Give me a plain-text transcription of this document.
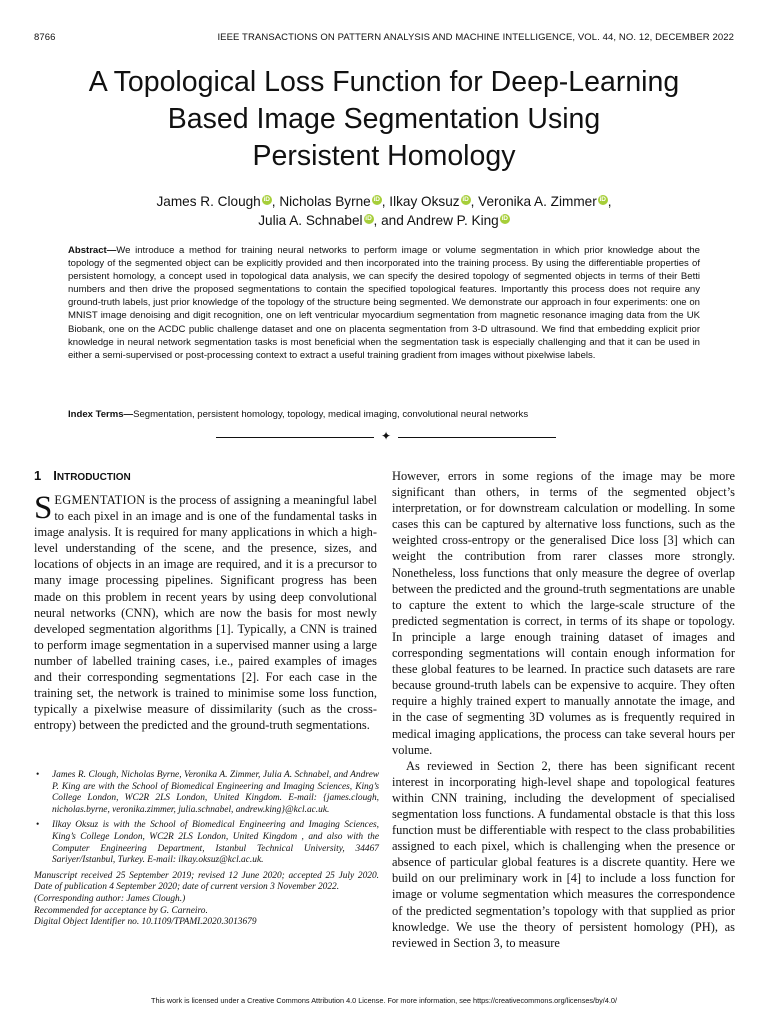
8766	IEEE TRANSACTIONS ON PATTERN ANALYSIS AND MACHINE INTELLIGENCE, VOL. 44, NO. 12, DECEMBER 2022
A Topological Loss Function for Deep-Learning
Based Image Segmentation Using
Persistent Homology
James R. Clough iD , Nicholas Byrne iD , Ilkay Oksuz iD , Veronika A. Zimmer iD ,
Julia A. Schnabel iD , and Andrew P. King iD
Abstract—We introduce a method for training neural networks to perform image or volume segmentation in which prior knowledge about the topology of the segmented object can be explicitly provided and then incorporated into the training process. By using the differentiable properties of persistent homology, a concept used in topological data analysis, we can specify the desired topology of segmented objects in terms of their Betti numbers and then drive the proposed segmentations to contain the specified topological features. Importantly this process does not require any ground-truth labels, just prior knowledge of the topology of the structure being segmented. We demonstrate our approach in four experiments: one on MNIST image denoising and digit recognition, one on left ventricular myocardium segmentation from magnetic resonance imaging data from the UK Biobank, one on the ACDC public challenge dataset and one on placenta segmentation from 3-D ultrasound. We find that embedding explicit prior knowledge in neural network segmentation tasks is most beneficial when the segmentation task is especially challenging and that it can be used in either a semi-supervised or post-processing context to extract a useful training gradient from images without pixelwise labels.
Index Terms—Segmentation, persistent homology, topology, medical imaging, convolutional neural networks
✦
1 INTRODUCTION

SEGMENTATION is the process of assigning a meaningful label to each pixel in an image and is one of the fundamental tasks in image analysis. It is required for many applications in which a high-level understanding of the scene, and the presence, sizes, and locations of objects in an image are required, and it is a precursor to many image processing pipelines. Significant progress has been made on this problem in recent years by using deep convolutional neural networks (CNN), which are now the basis for most newly developed segmentation algorithms [1]. Typically, a CNN is trained to perform image segmentation in a supervised manner using a large number of labelled training cases, i.e., paired examples of images and their corresponding segmentations [2]. For each case in the training set, the network is trained to minimise some loss function, typically a pixelwise measure of dissimilarity (such as the cross-entropy) between the predicted and the ground-truth segmentations.

However, errors in some regions of the image may be more significant than others, in terms of the segmented object’s interpretation, or for downstream calculation or modelling. In some cases this can be captured by alternative loss functions, such as the weighted cross-entropy or the generalised Dice loss [3] which can weight the contribution from rarer classes more strongly. Nonetheless, loss functions that only measure the degree of overlap between the predicted and the ground-truth segmentations are unable to capture the extent to which the large-scale structure of the predicted segmentation is correct, in terms of its shape or topology. In principle a large enough training dataset of images and corresponding segmentations will contain enough information for these global features to be learned. In practice such datasets are rare because ground-truth labels can be expensive to acquire. They often require a highly trained expert to manually annotate the image, and in the case of segmenting 3D volumes as is frequently required in medical imaging applications, the process can take several hours per volume.

As reviewed in Section 2, there has been significant recent interest in incorporating high-level shape and topological features within CNN training, including the development of specialised segmentation loss functions. A fundamental obstacle is that this loss function must be differentiable with respect to the class probabilities assigned to each pixel, which is challenging when the presence or absence of particular global features is a discrete quantity. Here we build on our preliminary work in [4] to include a loss function for image or volume segmentation which measures the correspondence of the predicted segmentation’s topology with that supplied as prior knowledge. We use the theory of persistent homology (PH), as reviewed in Section 3, to measure

• James R. Clough, Nicholas Byrne, Veronika A. Zimmer, Julia A. Schnabel, and Andrew P. King are with the School of Biomedical Engineering and Imaging Sciences, King’s College London, WC2R 2LS London, United Kingdom. E-mail: {james.clough, nicholas.byrne, veronika.zimmer, julia.schnabel, andrew.king}@kcl.ac.uk.
• Ilkay Oksuz is with the School of Biomedical Engineering and Imaging Sciences, King’s College London, WC2R 2LS London, United Kingdom , and also with the Computer Engineering Department, Istanbul Technical University, 34467 Sariyer/Istanbul, Turkey. E-mail: ilkay.oksuz@kcl.ac.uk.
Manuscript received 25 September 2019; revised 12 June 2020; accepted 25 July 2020. Date of publication 4 September 2020; date of current version 3 November 2022.
(Corresponding author: James Clough.)
Recommended for acceptance by G. Carneiro.
Digital Object Identifier no. 10.1109/TPAMI.2020.3013679
This work is licensed under a Creative Commons Attribution 4.0 License. For more information, see https://creativecommons.org/licenses/by/4.0/
